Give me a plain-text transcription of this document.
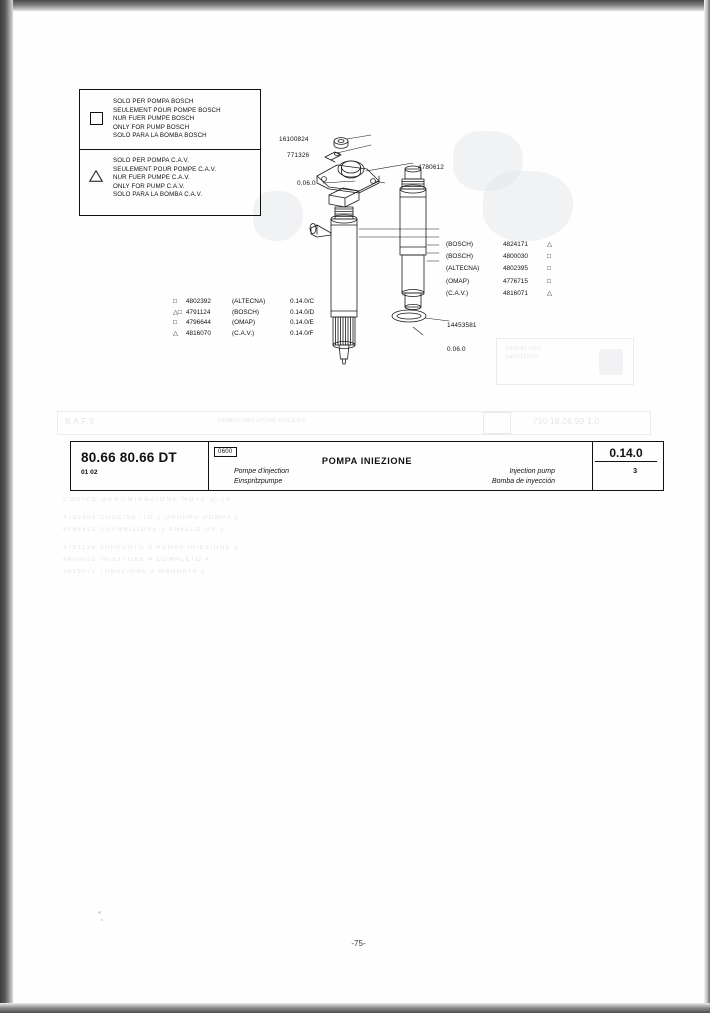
7408417001
5a2011000
B.A.F.S	POMPA INIEZIONE ACCESS.	710 18.06.99 1.0
CODICE DENOMINAZIONE NOTE Q.TA'
4782304 CUSCINETTO 1 GRUPPO POMPA 1
4785412 GUARNIZIONE 2 ANELLO OR 2
4791126 SUPPORTO 3 POMPA INIEZIONE 1
4800031 INIETTORE 4 COMPLETO 4
4816072 TUBAZIONE 5 MANDATA 1
SOLO PER POMPA BOSCH
SEULEMENT POUR POMPE BOSCH
NUR FUER PUMPE BOSCH
ONLY FOR PUMP BOSCH
SOLO PARA LA BOMBA BOSCH
SOLO PER POMPA C.A.V.
SEULEMENT POUR POMPE C.A.V.
NUR FUER PUMPE C.A.V.
ONLY FOR PUMP C.A.V.
SOLO PARA LA BOMBA C.A.V.
16100824
771326
0.06.0
4780612
14453581
0.06.0

□	4802392	(ALTECNA)	0.14.0/C
△□	4791124	(BOSCH)	0.14.0/D
□	4796644	(OMAP)	0.14.0/E
△	4816070	(C.A.V.)	0.14.0/F

(BOSCH)	4824171	△
(BOSCH)	4800030	□
(ALTECNA)	4802395	□
(OMAP)	4776715	□
(C.A.V.)	4816071	△
80.66 80.66 DT
01 02
0600
POMPA INIEZIONE
Pompe d'injection
Einspritzpumpe
Injection pump
Bomba de inyección
0.14.0
3
-75-
